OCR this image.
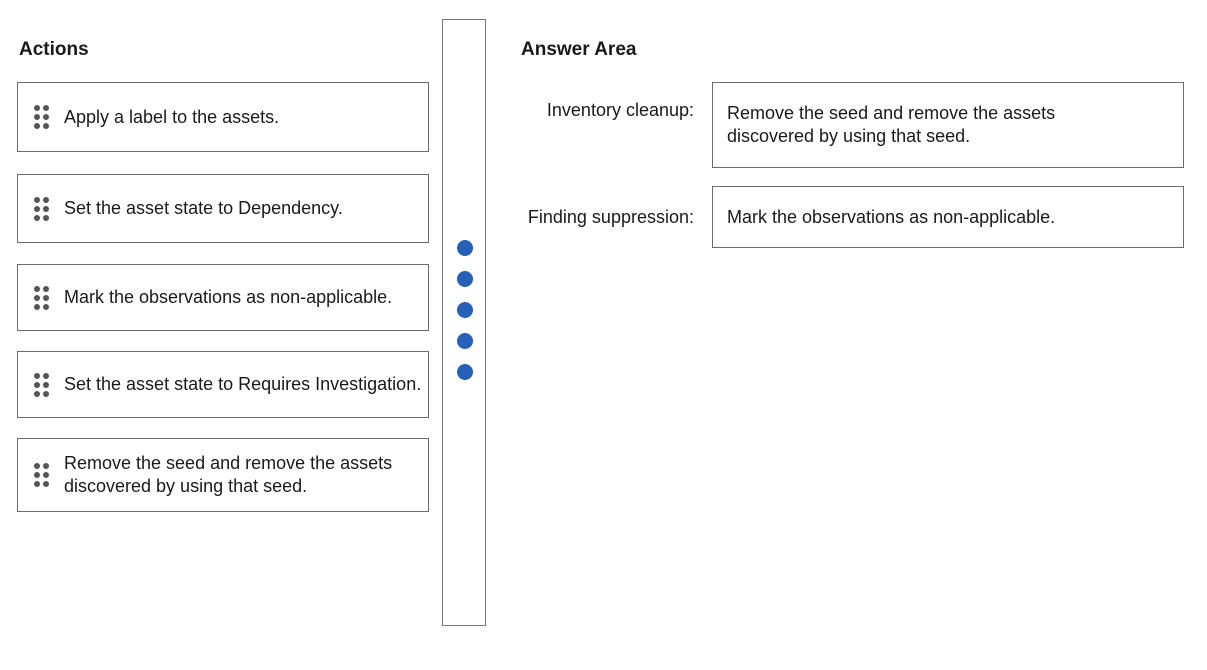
Actions
Apply a label to the assets.
Set the asset state to Dependency.
Mark the observations as non-applicable.
Set the asset state to Requires Investigation.
Remove the seed and remove the assets discovered by using that seed.
Answer Area
Inventory cleanup: Remove the seed and remove the assets discovered by using that seed.
Finding suppression: Mark the observations as non-applicable.
